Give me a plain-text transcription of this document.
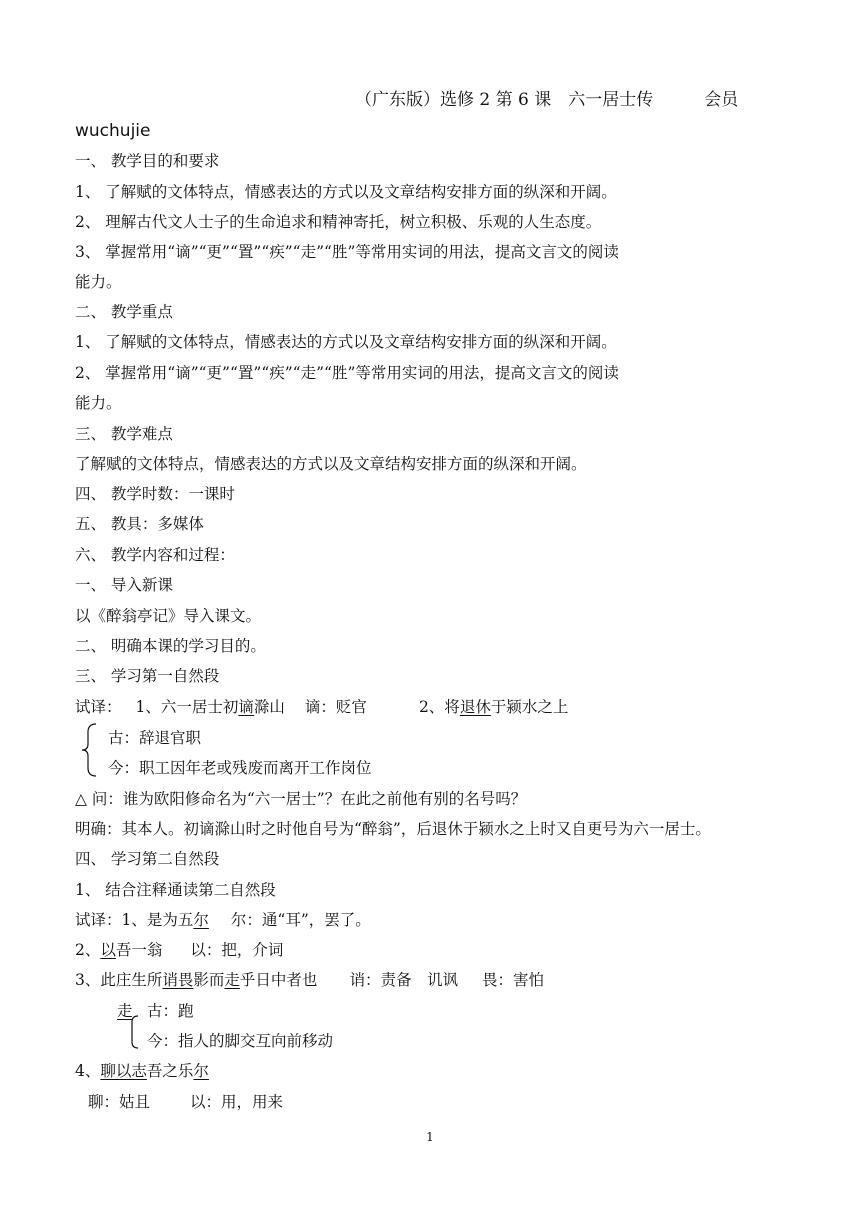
（广东版）选修 2 第 6 课　六一居士传　　　会员
wuchujie
一、 教学目的和要求
1、 了解赋的文体特点，情感表达的方式以及文章结构安排方面的纵深和开阔。
2、 理解古代文人士子的生命追求和精神寄托，树立积极、乐观的人生态度。
3、 掌握常用“谪”“更”“置”“疾”“走”“胜”等常用实词的用法，提高文言文的阅读
能力。
二、 教学重点
1、 了解赋的文体特点，情感表达的方式以及文章结构安排方面的纵深和开阔。
2、 掌握常用“谪”“更”“置”“疾”“走”“胜”等常用实词的用法，提高文言文的阅读
能力。
三、 教学难点
了解赋的文体特点，情感表达的方式以及文章结构安排方面的纵深和开阔。
四、 教学时数：一课时
五、 教具：多媒体
六、 教学内容和过程：
一、 导入新课
以《醉翁亭记》导入课文。
二、 明确本课的学习目的。
三、 学习第一自然段
试译： 1、六一居士初谪滁山 谪：贬官	2、将退休于颍水之上
古：辞退官职
今：职工因年老或残废而离开工作岗位
△ 问：谁为欧阳修命名为“六一居士”？在此之前他有别的名号吗？
明确：其本人。初谪滁山时之时他自号为“醉翁”，后退休于颍水之上时又自更号为六一居士。
四、 学习第二自然段
1、 结合注释通读第二自然段
试译：1、是为五尔 尔：通“耳”，罢了。
2、以吾一翁 以：把，介词
3、此庄生所诮畏影而走乎日中者也 诮：责备　讥讽 畏：害怕
走 古：跑
今：指人的脚交互向前移动
4、聊以志吾之乐尔
聊：姑且	以：用，用来
1
